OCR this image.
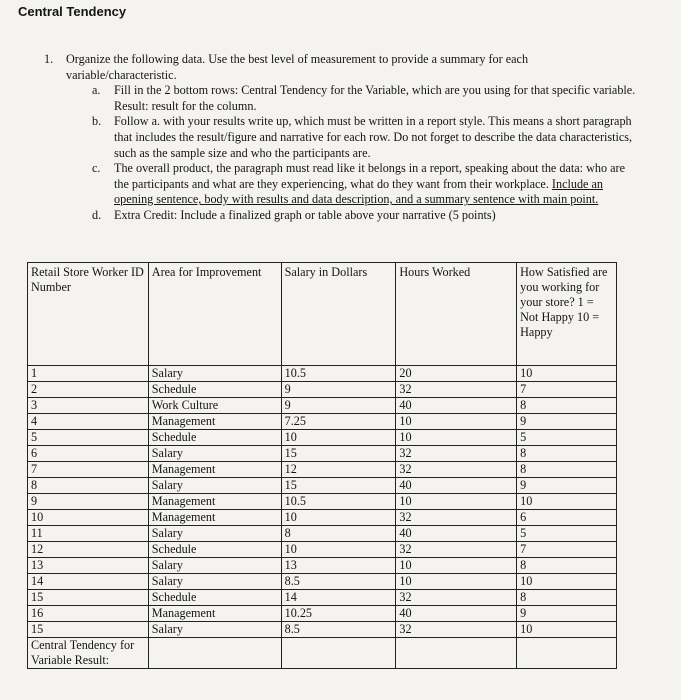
Central Tendency
1.	Organize the following data. Use the best level of measurement to provide a summary for each variable/characteristic.
a.	Fill in the 2 bottom rows: Central Tendency for the Variable, which are you using for that specific variable. Result: result for the column.
b.	Follow a. with your results write up, which must be written in a report style. This means a short paragraph that includes the result/figure and narrative for each row. Do not forget to describe the data characteristics, such as the sample size and who the participants are.
c.	The overall product, the paragraph must read like it belongs in a report, speaking about the data: who are the participants and what are they experiencing, what do they want from their workplace. Include an opening sentence, body with results and data description, and a summary sentence with main point.
d.	Extra Credit: Include a finalized graph or table above your narrative (5 points)
Retail Store Worker ID Number	Area for Improvement	Salary in Dollars	Hours Worked	How Satisfied are you working for your store? 1 = Not Happy 10 = Happy
1	Salary	10.5	20	10
2	Schedule	9	32	7
3	Work Culture	9	40	8
4	Management	7.25	10	9
5	Schedule	10	10	5
6	Salary	15	32	8
7	Management	12	32	8
8	Salary	15	40	9
9	Management	10.5	10	10
10	Management	10	32	6
11	Salary	8	40	5
12	Schedule	10	32	7
13	Salary	13	10	8
14	Salary	8.5	10	10
15	Schedule	14	32	8
16	Management	10.25	40	9
15	Salary	8.5	32	10
Central Tendency for Variable Result:				
